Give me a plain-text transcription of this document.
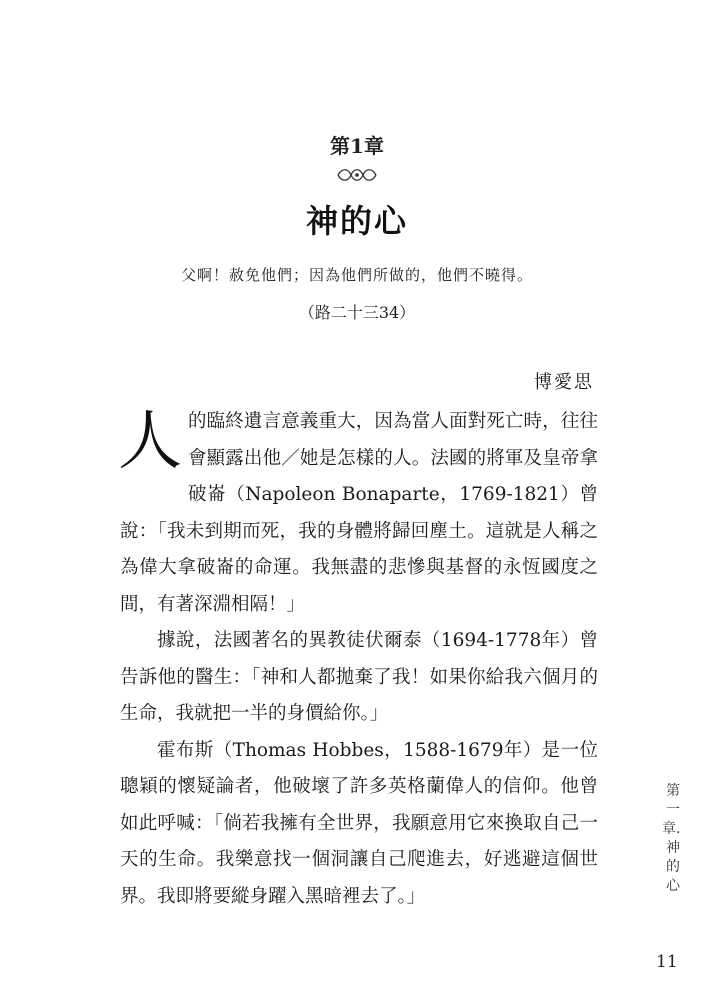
第1章
神的心
父啊！赦免他們；因為他們所做的，他們不曉得。
（路二十三34）
博愛思

人的臨終遺言意義重大，因為當人面對死亡時，往往會顯露出他／她是怎樣的人。法國的將軍及皇帝拿破崙（Napoleon Bonaparte，1769-1821）曾說：「我未到期而死，我的身體將歸回塵土。這就是人稱之為偉大拿破崙的命運。我無盡的悲慘與基督的永恆國度之間，有著深淵相隔！」

據說，法國著名的異教徒伏爾泰（1694-1778年）曾告訴他的醫生：「神和人都拋棄了我！如果你給我六個月的生命，我就把一半的身價給你。」

霍布斯（Thomas Hobbes，1588-1679年）是一位聰穎的懷疑論者，他破壞了許多英格蘭偉人的信仰。他曾如此呼喊：「倘若我擁有全世界，我願意用它來換取自己一天的生命。我樂意找一個洞讓自己爬進去，好逃避這個世界。我即將要縱身躍入黑暗裡去了。」

第一章．神的心
11
